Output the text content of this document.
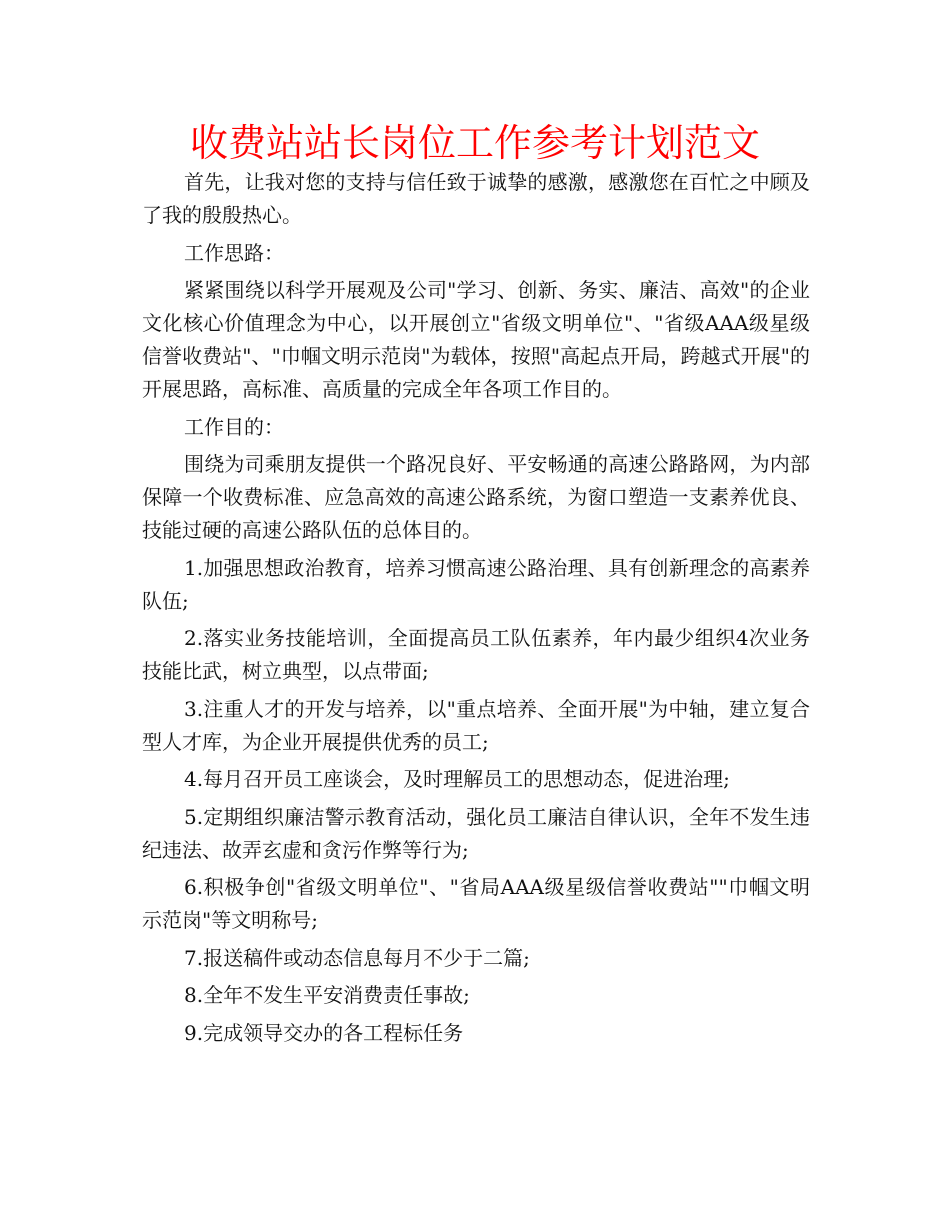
收费站站长岗位工作参考计划范文

首先，让我对您的支持与信任致于诚挚的感激，感激您在百忙之中顾及了我的殷殷热心。

工作思路：

紧紧围绕以科学开展观及公司"学习、创新、务实、廉洁、高效"的企业文化核心价值理念为中心，以开展创立"省级文明单位"、"省级AAA级星级信誉收费站"、"巾帼文明示范岗"为载体，按照"高起点开局，跨越式开展"的开展思路，高标准、高质量的完成全年各项工作目的。

工作目的：

围绕为司乘朋友提供一个路况良好、平安畅通的高速公路路网，为内部保障一个收费标准、应急高效的高速公路系统，为窗口塑造一支素养优良、技能过硬的高速公路队伍的总体目的。

1.加强思想政治教育，培养习惯高速公路治理、具有创新理念的高素养队伍;

2.落实业务技能培训，全面提高员工队伍素养，年内最少组织4次业务技能比武，树立典型，以点带面;

3.注重人才的开发与培养，以"重点培养、全面开展"为中轴，建立复合型人才库，为企业开展提供优秀的员工;

4.每月召开员工座谈会，及时理解员工的思想动态，促进治理;

5.定期组织廉洁警示教育活动，强化员工廉洁自律认识，全年不发生违纪违法、故弄玄虚和贪污作弊等行为;

6.积极争创"省级文明单位"、"省局AAA级星级信誉收费站""巾帼文明示范岗"等文明称号;

7.报送稿件或动态信息每月不少于二篇;

8.全年不发生平安消费责任事故;

9.完成领导交办的各工程标任务
